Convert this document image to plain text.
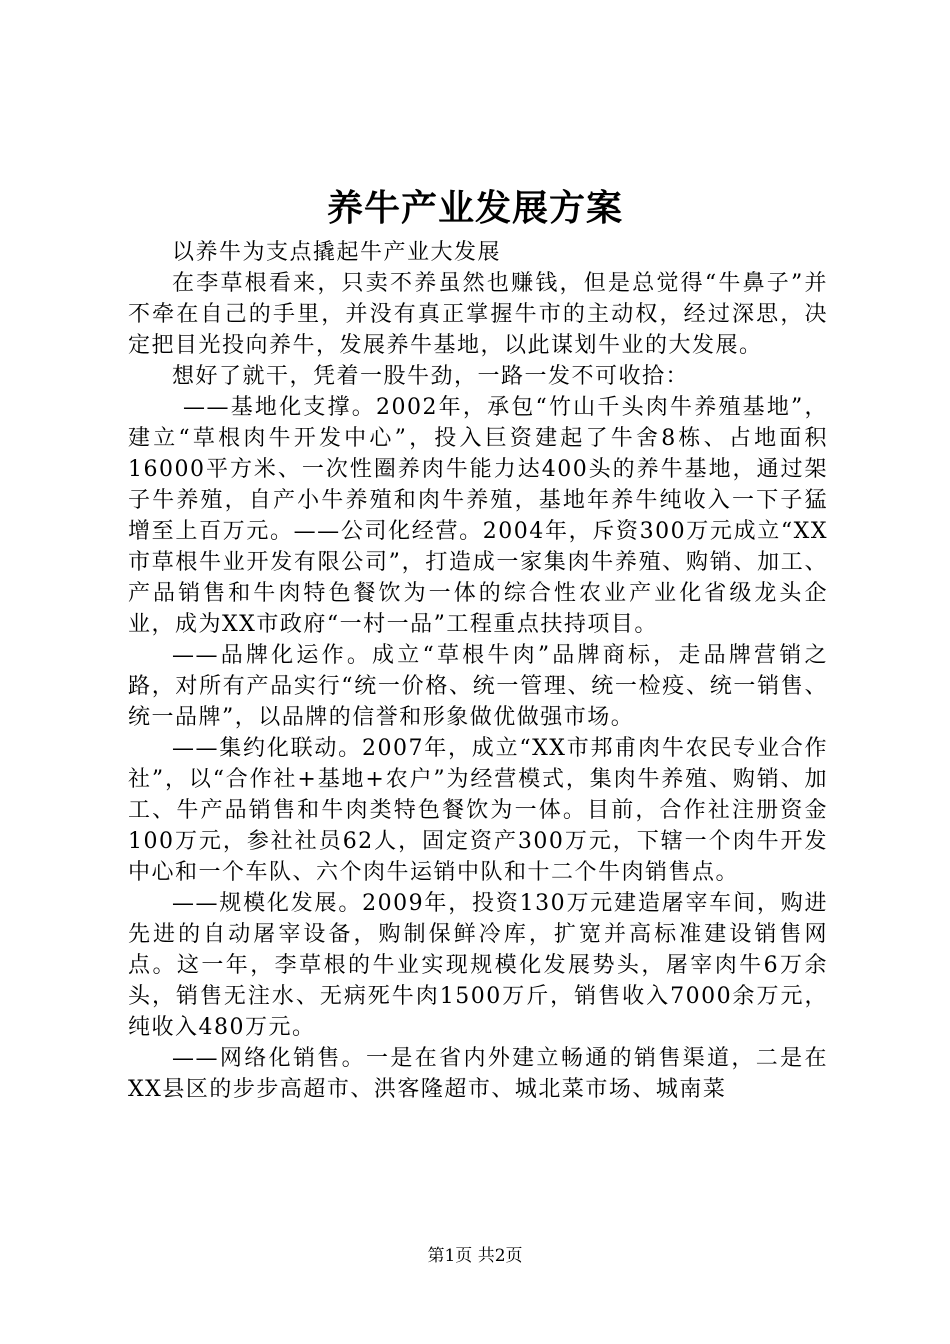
养牛产业发展方案

以养牛为支点撬起牛产业大发展

在李草根看来，只卖不养虽然也赚钱，但是总觉得“牛鼻子”并不牵在自己的手里，并没有真正掌握牛市的主动权，经过深思，决定把目光投向养牛，发展养牛基地，以此谋划牛业的大发展。

想好了就干，凭着一股牛劲，一路一发不可收拾：

——基地化支撑。2002年，承包“竹山千头肉牛养殖基地”，建立“草根肉牛开发中心”，投入巨资建起了牛舍8栋、占地面积16000平方米、一次性圈养肉牛能力达400头的养牛基地，通过架子牛养殖，自产小牛养殖和肉牛养殖，基地年养牛纯收入一下子猛增至上百万元。——公司化经营。2004年，斥资300万元成立“XX市草根牛业开发有限公司”，打造成一家集肉牛养殖、购销、加工、产品销售和牛肉特色餐饮为一体的综合性农业产业化省级龙头企业，成为XX市政府“一村一品”工程重点扶持项目。

——品牌化运作。成立“草根牛肉”品牌商标，走品牌营销之路，对所有产品实行“统一价格、统一管理、统一检疫、统一销售、统一品牌”，以品牌的信誉和形象做优做强市场。

——集约化联动。2007年，成立“XX市邦甫肉牛农民专业合作社”，以“合作社+基地+农户”为经营模式，集肉牛养殖、购销、加工、牛产品销售和牛肉类特色餐饮为一体。目前，合作社注册资金100万元，参社社员62人，固定资产300万元，下辖一个肉牛开发中心和一个车队、六个肉牛运销中队和十二个牛肉销售点。

——规模化发展。2009年，投资130万元建造屠宰车间，购进先进的自动屠宰设备，购制保鲜冷库，扩宽并高标准建设销售网点。这一年，李草根的牛业实现规模化发展势头，屠宰肉牛6万余头，销售无注水、无病死牛肉1500万斤，销售收入7000余万元，纯收入480万元。

——网络化销售。一是在省内外建立畅通的销售渠道，二是在XX县区的步步高超市、洪客隆超市、城北菜市场、城南菜

第1页 共2页
